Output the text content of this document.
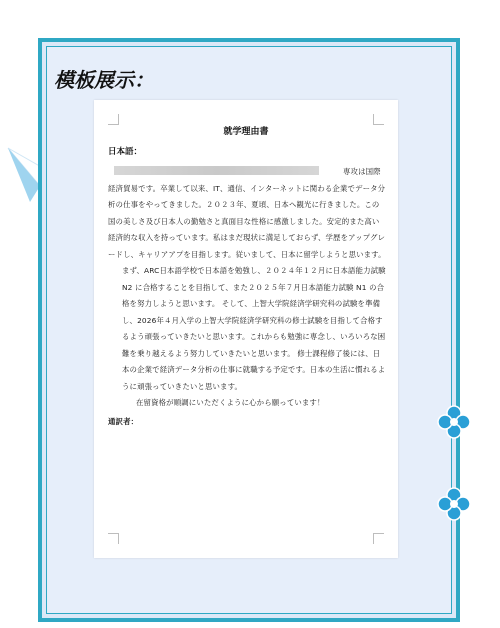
模板展示：
就学理由書

日本語：

専攻は国際経済貿易です。卒業して以来、IT、通信、インターネットに関わる企業でデータ分析の仕事をやってきました。２０２３年、夏頃、日本へ観光に行きました。この国の美しさ及び日本人の勤勉さと真面目な性格に感激しました。安定的また高い経済的な収入を持っています。私はまだ現状に満足しておらず、学歴をアップグレードし、キャリアアプを目指します。従いまして、日本に留学しようと思います。

まず、ARC日本語学校で日本語を勉強し、２０２４年１２月に日本語能力試験 N2 に合格することを目指して、また２０２５年７月日本語能力試験 N1 の合格を努力しようと思います。 そして、上智大学院経済学研究科の試験を準備し、2026年４月入学の上智大学院経済学研究科の修士試験を目指して合格するよう頑張っていきたいと思います。これからも勉強に専念し、いろいろな困難を乗り越えるよう努力していきたいと思います。 修士課程修了後には、日本の企業で経済データ分析の仕事に就職する予定です。日本の生活に慣れるように頑張っていきたいと思います。

在留資格が順調にいただくように心から願っています！

通訳者：
